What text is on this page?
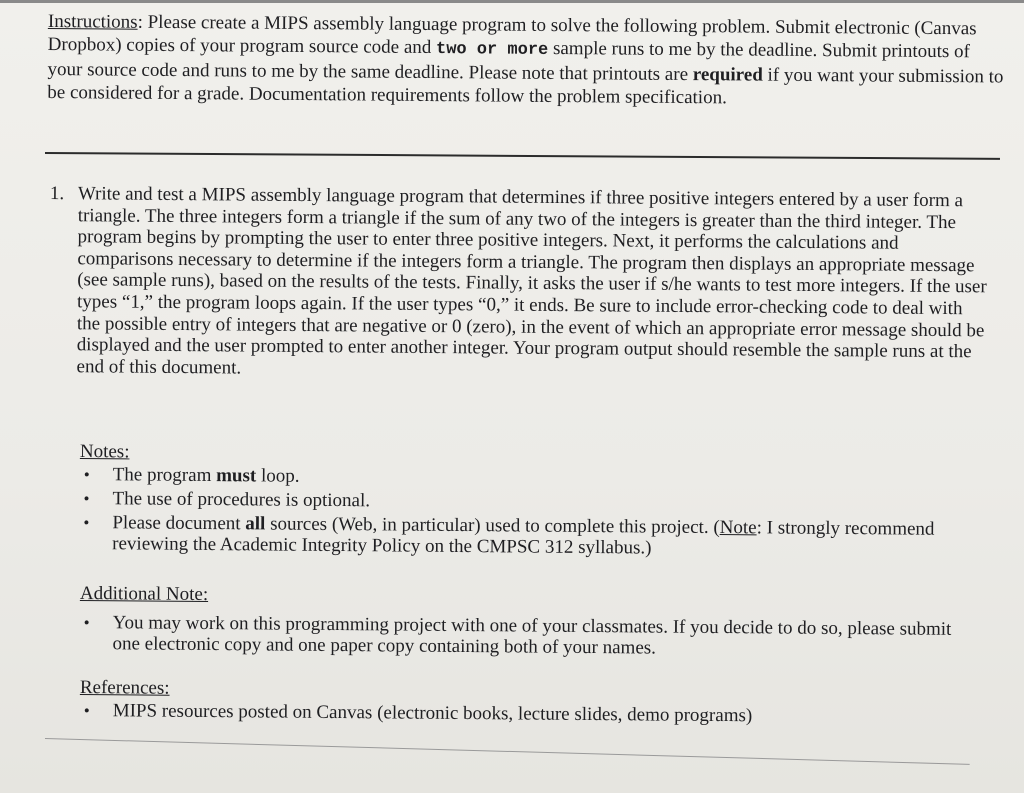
Instructions: Please create a MIPS assembly language program to solve the following problem. Submit electronic (Canvas Dropbox) copies of your program source code and two or more sample runs to me by the deadline. Submit printouts of your source code and runs to me by the same deadline. Please note that printouts are required if you want your submission to be considered for a grade. Documentation requirements follow the problem specification.

1. Write and test a MIPS assembly language program that determines if three positive integers entered by a user form a triangle. The three integers form a triangle if the sum of any two of the integers is greater than the third integer. The program begins by prompting the user to enter three positive integers. Next, it performs the calculations and comparisons necessary to determine if the integers form a triangle. The program then displays an appropriate message (see sample runs), based on the results of the tests. Finally, it asks the user if s/he wants to test more integers. If the user types “1,” the program loops again. If the user types “0,” it ends. Be sure to include error-checking code to deal with the possible entry of integers that are negative or 0 (zero), in the event of which an appropriate error message should be displayed and the user prompted to enter another integer. Your program output should resemble the sample runs at the end of this document.

Notes:

• The program must loop.
• The use of procedures is optional.
• Please document all sources (Web, in particular) used to complete this project. (Note: I strongly recommend reviewing the Academic Integrity Policy on the CMPSC 312 syllabus.)

Additional Note:

• You may work on this programming project with one of your classmates. If you decide to do so, please submit one electronic copy and one paper copy containing both of your names.

References:

• MIPS resources posted on Canvas (electronic books, lecture slides, demo programs)
